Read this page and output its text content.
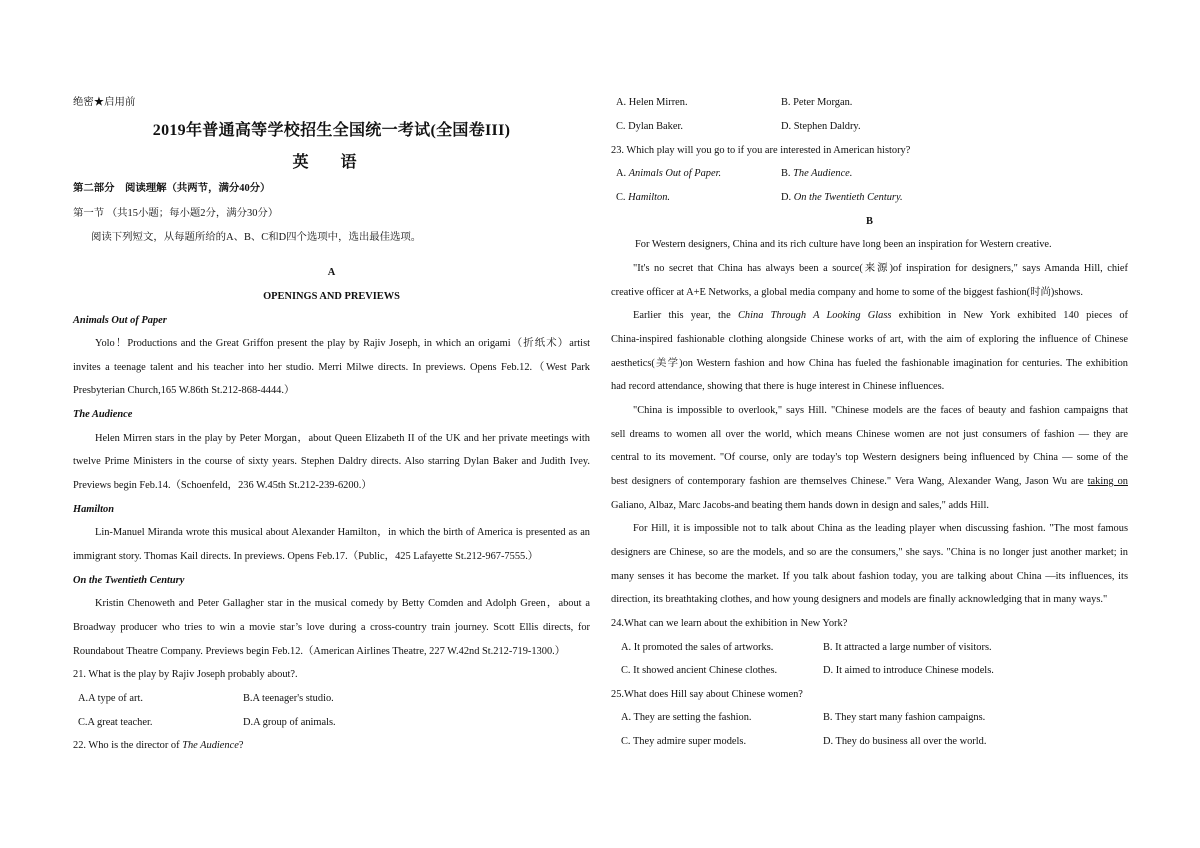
绝密★启用前
2019年普通高等学校招生全国统一考试(全国卷III)
英 语
第二部分　阅读理解（共两节，满分40分）
第一节 （共15小题；每小题2分，满分30分）
阅读下列短文，从每题所给的A、B、C和D四个选项中，选出最佳选项。
A
OPENINGS AND PREVIEWS
Animals Out of Paper
Yolo！Productions and the Great Griffon present the play by Rajiv Joseph, in which an origami（折纸术）artist
invites a teenage talent and his teacher into her studio. Merri Milwe directs. In previews. Opens Feb.12.（West Park
Presbyterian Church,165 W.86th St.212-868-4444.）
The Audience
Helen Mirren stars in the play by Peter Morgan，about Queen Elizabeth II of the UK and her private meetings with
twelve Prime Ministers in the course of sixty years. Stephen Daldry directs. Also starring Dylan Baker and Judith Ivey.
Previews begin Feb.14.（Schoenfeld，236 W.45th St.212-239-6200.）
Hamilton
Lin-Manuel Miranda wrote this musical about Alexander Hamilton，in which the birth of America is presented as an
immigrant story. Thomas Kail directs. In previews. Opens Feb.17.（Public，425 Lafayette St.212-967-7555.）
On the Twentieth Century
Kristin Chenoweth and Peter Gallagher star in the musical comedy by Betty Comden and Adolph Green，about a
Broadway producer who tries to win a movie star’s love during a cross-country train journey. Scott Ellis directs, for
Roundabout Theatre Company. Previews begin Feb.12.（American Airlines Theatre, 227 W.42nd St.212-719-1300.）
21. What is the play by Rajiv Joseph probably about?.
A.A type of art.	B.A teenager's studio.
C.A great teacher.	D.A group of animals.
22. Who is the director of The Audience?
A. Helen Mirren.	B. Peter Morgan.
C. Dylan Baker.	D. Stephen Daldry.
23. Which play will you go to if you are interested in American history?
A. Animals Out of Paper.	B. The Audience.
C. Hamilton.	D. On the Twentieth Century.
B
For Western designers, China and its rich culture have long been an inspiration for Western creative.
"It's no secret that China has always been a source(来源)of inspiration for designers," says Amanda Hill, chief
creative officer at A+E Networks, a global media company and home to some of the biggest fashion(时尚)shows.
Earlier this year, the China Through A Looking Glass exhibition in New York exhibited 140 pieces of
China-inspired fashionable clothing alongside Chinese works of art, with the aim of exploring the influence of Chinese
aesthetics(美学)on Western fashion and how China has fueled the fashionable imagination for centuries. The exhibition
had record attendance, showing that there is huge interest in Chinese influences.
"China is impossible to overlook," says Hill. "Chinese models are the faces of beauty and fashion campaigns that
sell dreams to women all over the world, which means Chinese women are not just consumers of fashion — they are
central to its movement. "Of course, only are today's top Western designers being influenced by China — some of the
best designers of contemporary fashion are themselves Chinese." Vera Wang, Alexander Wang, Jason Wu are taking on
Galiano, Albaz, Marc Jacobs-and beating them hands down in design and sales," adds Hill.
For Hill, it is impossible not to talk about China as the leading player when discussing fashion. "The most famous
designers are Chinese, so are the models, and so are the consumers," she says. "China is no longer just another market; in
many senses it has become the market. If you talk about fashion today, you are talking about China —its influences, its
direction, its breathtaking clothes, and how young designers and models are finally acknowledging that in many ways."
24.What can we learn about the exhibition in New York?
A. It promoted the sales of artworks.	B. It attracted a large number of visitors.
C. It showed ancient Chinese clothes.	D. It aimed to introduce Chinese models.
25.What does Hill say about Chinese women?
A. They are setting the fashion.	B. They start many fashion campaigns.
C. They admire super models.	D. They do business all over the world.
